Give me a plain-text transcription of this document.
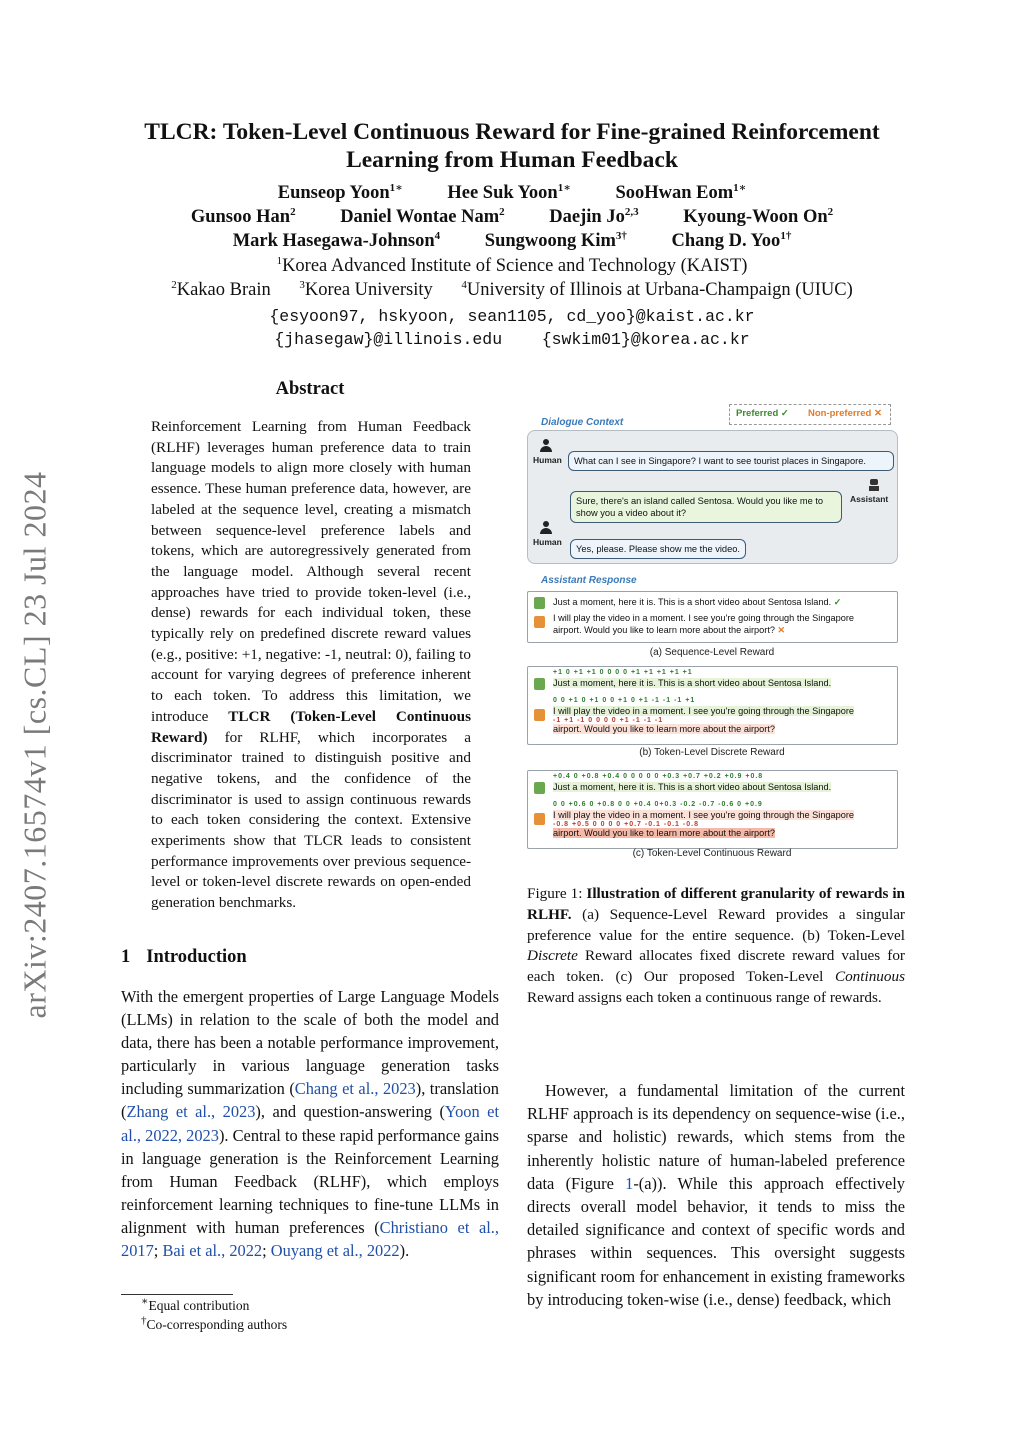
arXiv:2407.16574v1 [cs.CL] 23 Jul 2024
TLCR: Token-Level Continuous Reward for Fine-grained Reinforcement
Learning from Human Feedback
Eunseop Yoon$^{1∗}$ Hee Suk Yoon$^{1∗}$ SooHwan Eom$^{1∗}$
Gunsoo Han$^2$ Daniel Wontae Nam$^2$ Daejin Jo$^{2,3}$ Kyoung-Woon On$^2$
Mark Hasegawa-Johnson$^4$ Sungwoong Kim$^{3\dagger}$ Chang D. Yoo$^{1\dagger}$
$^1$Korea Advanced Institute of Science and Technology (KAIST)
$^2$Kakao Brain	$^3$Korea University	$^4$University of Illinois at Urbana-Champaign (UIUC)
{esyoon97, hskyoon, sean1105, cd_yoo}@kaist.ac.kr
{jhasegaw}@illinois.edu    {swkim01}@korea.ac.kr
Abstract
Reinforcement Learning from Human Feedback (RLHF) leverages human preference data to train language models to align more closely with human essence. These human preference data, however, are labeled at the sequence level, creating a mismatch between sequence-level preference labels and tokens, which are autoregressively generated from the language model. Although several recent approaches have tried to provide token-level (i.e., dense) rewards for each individual token, these typically rely on predefined discrete reward values (e.g., positive: +1, negative: -1, neutral: 0), failing to account for varying degrees of preference inherent to each token. To address this limitation, we introduce TLCR (Token-Level Continuous Reward) for RLHF, which incorporates a discriminator trained to distinguish positive and negative tokens, and the confidence of the discriminator is used to assign continuous rewards to each token considering the context. Extensive experiments show that TLCR leads to consistent performance improvements over previous sequence-level or token-level discrete rewards on open-ended generation benchmarks.
1 Introduction
With the emergent properties of Large Language Models (LLMs) in relation to the scale of both the model and data, there has been a notable performance improvement, particularly in various language generation tasks including summarization (Chang et al., 2023), translation (Zhang et al., 2023), and question-answering (Yoon et al., 2022, 2023). Central to these rapid performance gains in language generation is the Reinforcement Learning from Human Feedback (RLHF), which employs reinforcement learning techniques to fine-tune LLMs in alignment with human preferences (Christiano et al., 2017; Bai et al., 2022; Ouyang et al., 2022).
∗Equal contribution
†Co-corresponding authors
Preferred ✓ Non-preferred ✕
Dialogue Context
Human	What can I see in Singapore? I want to see tourist places in Singapore.
Sure, there's an island called Sentosa. Would you like me to show you a video about it?
Assistant
Human
Yes, please. Please show me the video.
Assistant Response
Just a moment, here it is. This is a short video about Sentosa Island. ✓
I will play the video in a moment. I see you're going through the Singapore
airport. Would you like to learn more about the airport? ✕
(a) Sequence-Level Reward
+1 0 +1 +1 0 0 0 0 +1 +1 +1 +1 +1
Just a moment, here it is. This is a short video about Sentosa Island.
0 0 +1 0 +1 0 0 +1 0 +1 -1 -1 -1 +1
I will play the video in a moment. I see you're going through the Singapore
-1 +1 -1 0 0 0 0 +1 -1 -1 -1
airport. Would you like to learn more about the airport?
(b) Token-Level Discrete Reward
+0.4 0 +0.8 +0.4 0 0 0 0 0 +0.3 +0.7 +0.2 +0.9 +0.8
Just a moment, here it is. This is a short video about Sentosa Island.
0 0 +0.6 0 +0.8 0 0 +0.4 0+0.3 -0.2 -0.7 -0.6 0 +0.9
I will play the video in a moment. I see you're going through the Singapore
-0.8 +0.5 0 0 0 0 +0.7 -0.1 -0.1 -0.8
airport. Would you like to learn more about the airport?
(c) Token-Level Continuous Reward
Figure 1: Illustration of different granularity of rewards in RLHF. (a) Sequence-Level Reward provides a singular preference value for the entire sequence. (b) Token-Level Discrete Reward allocates fixed discrete reward values for each token. (c) Our proposed Token-Level Continuous Reward assigns each token a continuous range of rewards.
However, a fundamental limitation of the current RLHF approach is its dependency on sequence-wise (i.e., sparse and holistic) rewards, which stems from the inherently holistic nature of human-labeled preference data (Figure 1-(a)). While this approach effectively directs overall model behavior, it tends to miss the detailed significance and context of specific words and phrases within sequences. This oversight suggests significant room for enhancement in existing frameworks by introducing token-wise (i.e., dense) feedback, which
